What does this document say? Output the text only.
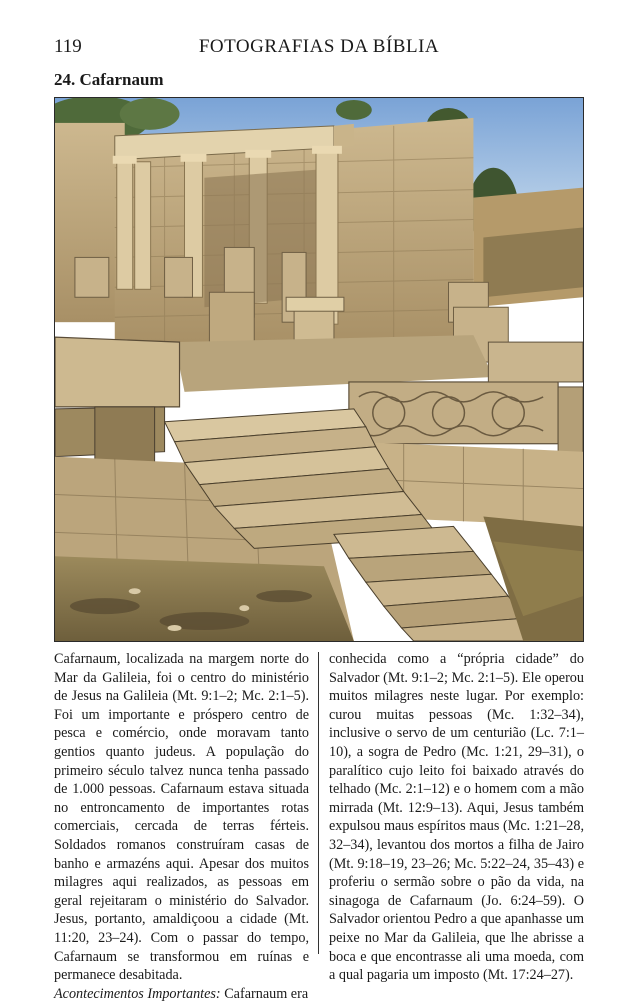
119	FOTOGRAFIAS DA BÍBLIA
24. Cafarnaum

Cafarnaum, localizada na margem norte do Mar da Galileia, foi o centro do ministério de Jesus na Galileia (Mt. 9:1–2; Mc. 2:1–5). Foi um importante e próspero centro de pesca e comércio, onde moravam tanto gentios quanto judeus. A população do primeiro século talvez nunca tenha passado de 1.000 pessoas. Cafarnaum estava situada no entroncamento de importantes rotas comerciais, cercada de terras férteis. Soldados romanos construíram casas de banho e armazéns aqui. Apesar dos muitos milagres aqui realizados, as pessoas em geral rejeitaram o ministério do Salvador. Jesus, portanto, amaldiçoou a cidade (Mt. 11:20, 23–24). Com o passar do tempo, Cafarnaum se transformou em ruínas e permanece desabitada.

Acontecimentos Importantes: Cafarnaum era

conhecida como a “própria cidade” do Salvador (Mt. 9:1–2; Mc. 2:1–5). Ele operou muitos milagres neste lugar. Por exemplo: curou muitas pessoas (Mc. 1:32–34), inclusive o servo de um centurião (Lc. 7:1–10), a sogra de Pedro (Mc. 1:21, 29–31), o paralítico cujo leito foi baixado através do telhado (Mc. 2:1–12) e o homem com a mão mirrada (Mt. 12:9–13). Aqui, Jesus também expulsou maus espíritos maus (Mc. 1:21–28, 32–34), levantou dos mortos a filha de Jairo (Mt. 9:18–19, 23–26; Mc. 5:22–24, 35–43) e proferiu o sermão sobre o pão da vida, na sinagoga de Cafarnaum (Jo. 6:24–59). O Salvador orientou Pedro a que apanhasse um peixe no Mar da Galileia, que lhe abrisse a boca e que encontrasse ali uma moeda, com a qual pagaria um imposto (Mt. 17:24–27).
